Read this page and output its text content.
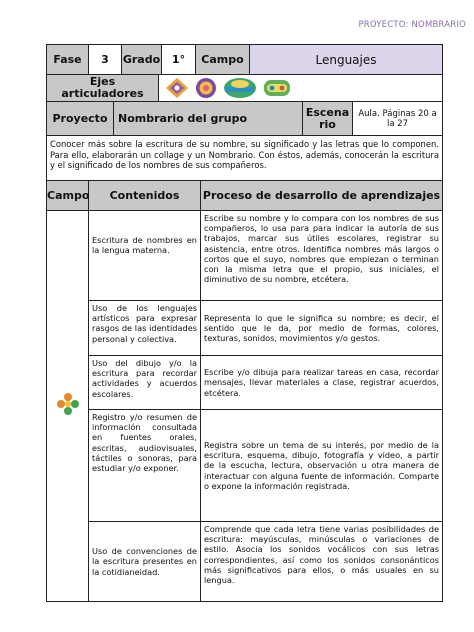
PROYECTO: NOMBRARIO
Fase	3	Grado	1°	Campo	Lenguajes
Ejes articuladores	
Proyecto	Nombrario del grupo	Escenario	Aula. Páginas 20 a la 27
Conocer más sobre la escritura de su nombre, su significado y las letras que lo componen. Para ello, elaborarán un collage y un Nombrario. Con éstos, además, conocerán la escritura y el significado de los nombres de sus compañeros.
Campo	Contenidos	Proceso de desarrollo de aprendizajes
	Escritura de nombres en la lengua materna.	Escribe su nombre y lo compara con los nombres de sus compañeros, lo usa para para indicar la autoría de sus trabajos, marcar sus útiles escolares, registrar su asistencia, entre otros. Identifica nombres más largos o cortos que el suyo, nombres que empiezan o terminan con la misma letra que el propio, sus iniciales, el diminutivo de su nombre, etcétera.
	Uso de los lenguajes artísticos para expresar rasgos de las identidades personal y colectiva.	Representa lo que le significa su nombre; es decir, el sentido que le da, por medio de formas, colores, texturas, sonidos, movimientos y/o gestos.
	Uso del dibujo y/o la escritura para recordar actividades y acuerdos escolares.	Escribe y/o dibuja para realizar tareas en casa, recordar mensajes, llevar materiales a clase, registrar acuerdos, etcétera.
	Registro y/o resumen de información consultada en fuentes orales, escritas, audiovisuales, táctiles o sonoras, para estudiar y/o exponer.	Registra sobre un tema de su interés, por medio de la escritura, esquema, dibujo, fotografía y video, a partir de la escucha, lectura, observación u otra manera de interactuar con alguna fuente de información. Comparte o expone la información registrada.
	Uso de convenciones de la escritura presentes en la cotidianeidad.	Comprende que cada letra tiene varias posibilidades de escritura: mayúsculas, minúsculas o variaciones de estilo. Asocia los sonidos vocálicos con sus letras correspondientes, así como los sonidos consonánticos más significativos para ellos, o más usuales en su lengua.
